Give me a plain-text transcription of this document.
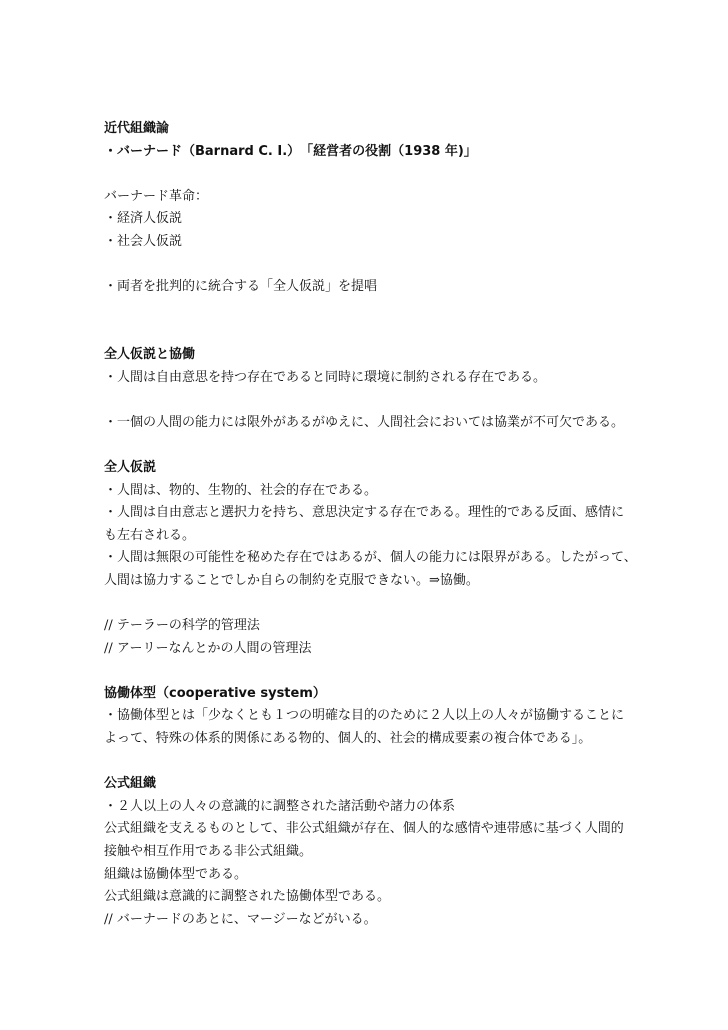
近代組織論
・バーナード（Barnard C. I.）　「経営者の役割（1938 年)」
バーナード革命：
・経済人仮説
・社会人仮説
・両者を批判的に統合する「全人仮説」を提唱
全人仮説と協働
・人間は自由意思を持つ存在であると同時に環境に制約される存在である。
・一個の人間の能力には限外があるがゆえに、人間社会においては協業が不可欠である。
全人仮説
・人間は、物的、生物的、社会的存在である。
・人間は自由意志と選択力を持ち、意思決定する存在である。理性的である反面、感情に
も左右される。
・人間は無限の可能性を秘めた存在ではあるが、個人の能力には限界がある。したがって、
人間は協力することでしか自らの制約を克服できない。⇒協働。
// テーラーの科学的管理法
// アーリーなんとかの人間の管理法
協働体型（cooperative system）
・協働体型とは「少なくとも１つの明確な目的のために２人以上の人々が協働することに
よって、特殊の体系的関係にある物的、個人的、社会的構成要素の複合体である」。
公式組織
・２人以上の人々の意識的に調整された諸活動や諸力の体系
公式組織を支えるものとして、非公式組織が存在、個人的な感情や連帯感に基づく人間的
接触や相互作用である非公式組織。
組織は協働体型である。
公式組織は意識的に調整された協働体型である。
// バーナードのあとに、マージーなどがいる。
